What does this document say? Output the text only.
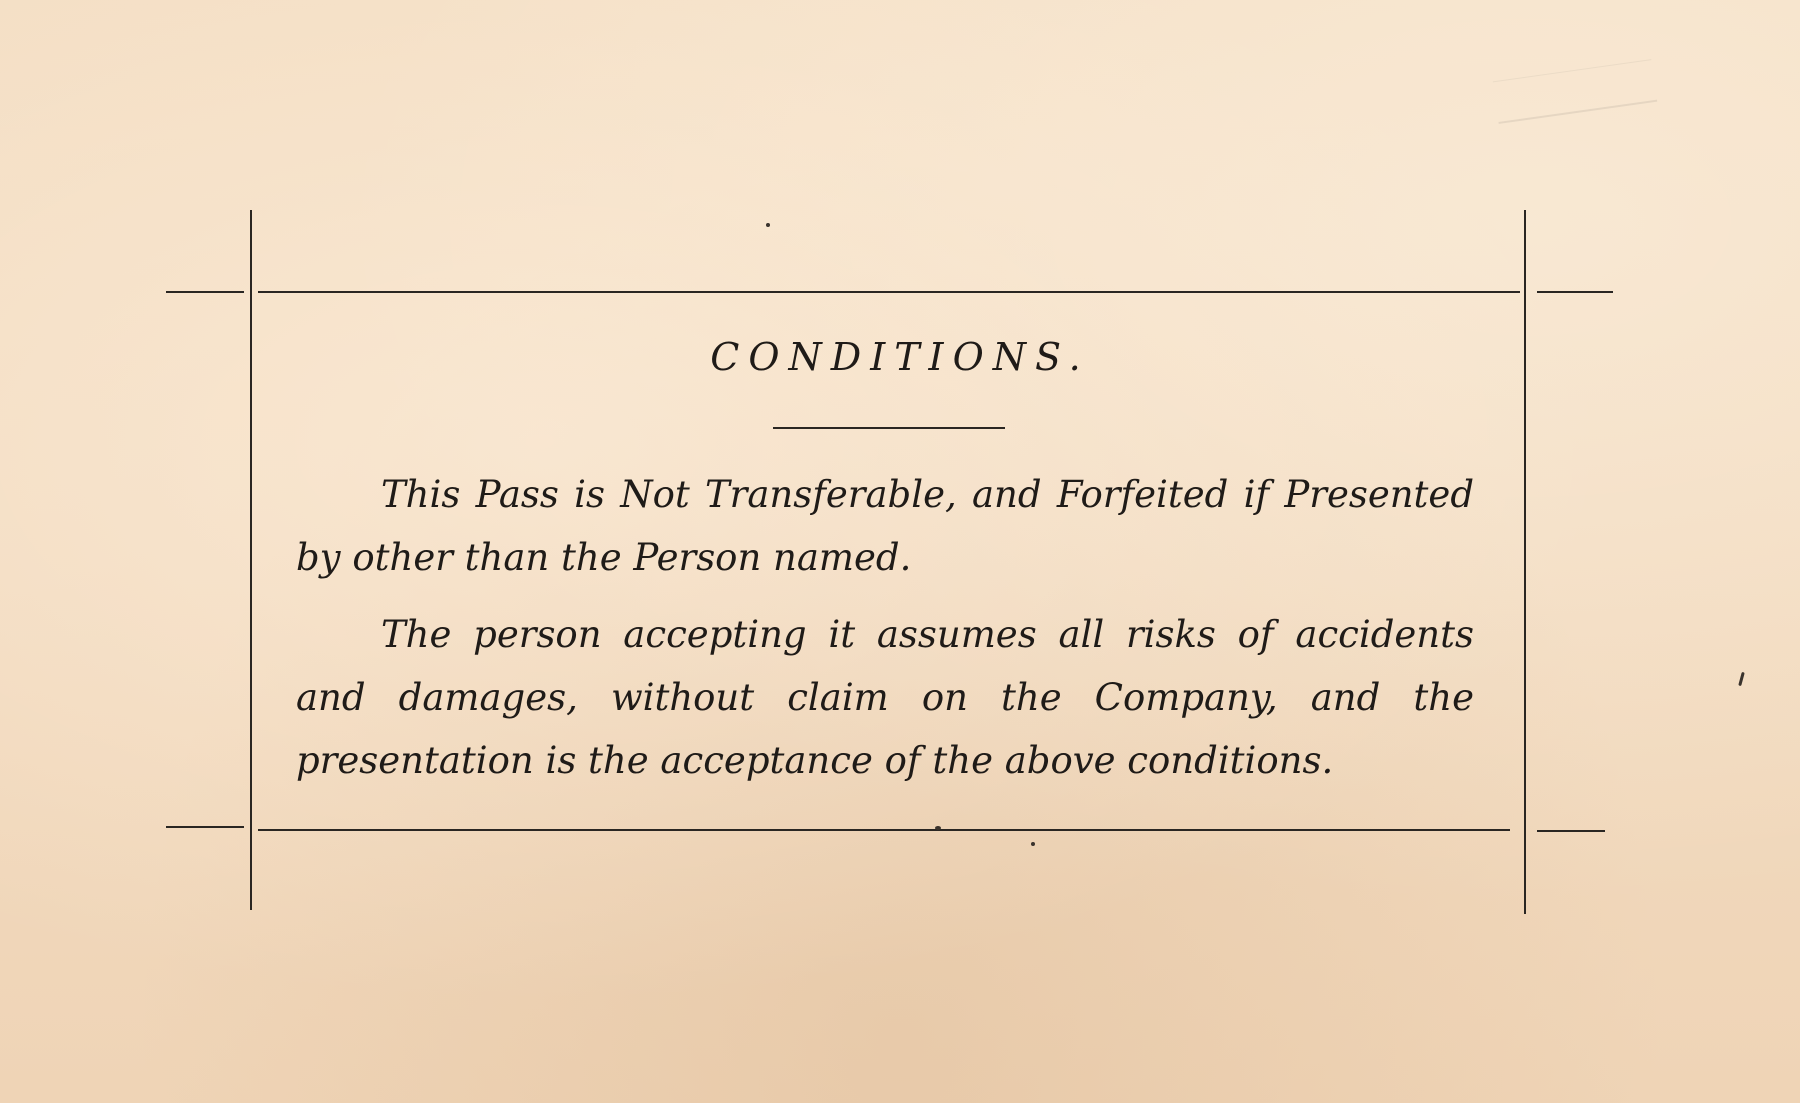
CONDITIONS.

This Pass is Not Transferable, and Forfeited if Presented by other than the Person named.

The person accepting it assumes all risks of accidents and damages, without claim on the Company, and the presentation is the acceptance of the above conditions.
